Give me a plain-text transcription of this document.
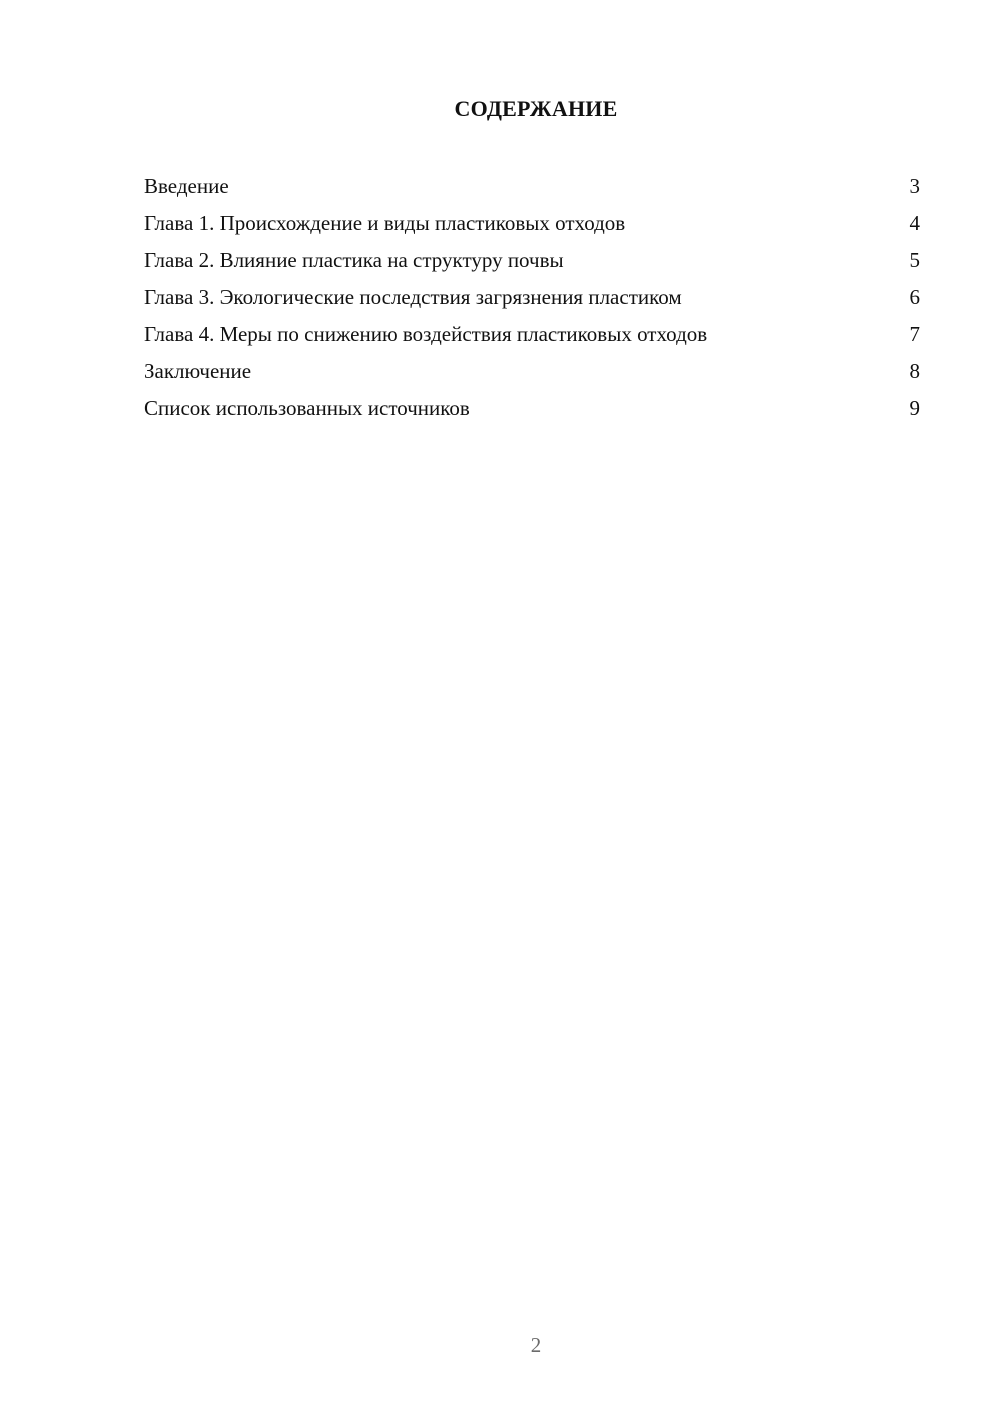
СОДЕРЖАНИЕ
Введение	3
Глава 1. Происхождение и виды пластиковых отходов	4
Глава 2. Влияние пластика на структуру почвы	5
Глава 3. Экологические последствия загрязнения пластиком	6
Глава 4. Меры по снижению воздействия пластиковых отходов	7
Заключение	8
Список использованных источников	9
2
